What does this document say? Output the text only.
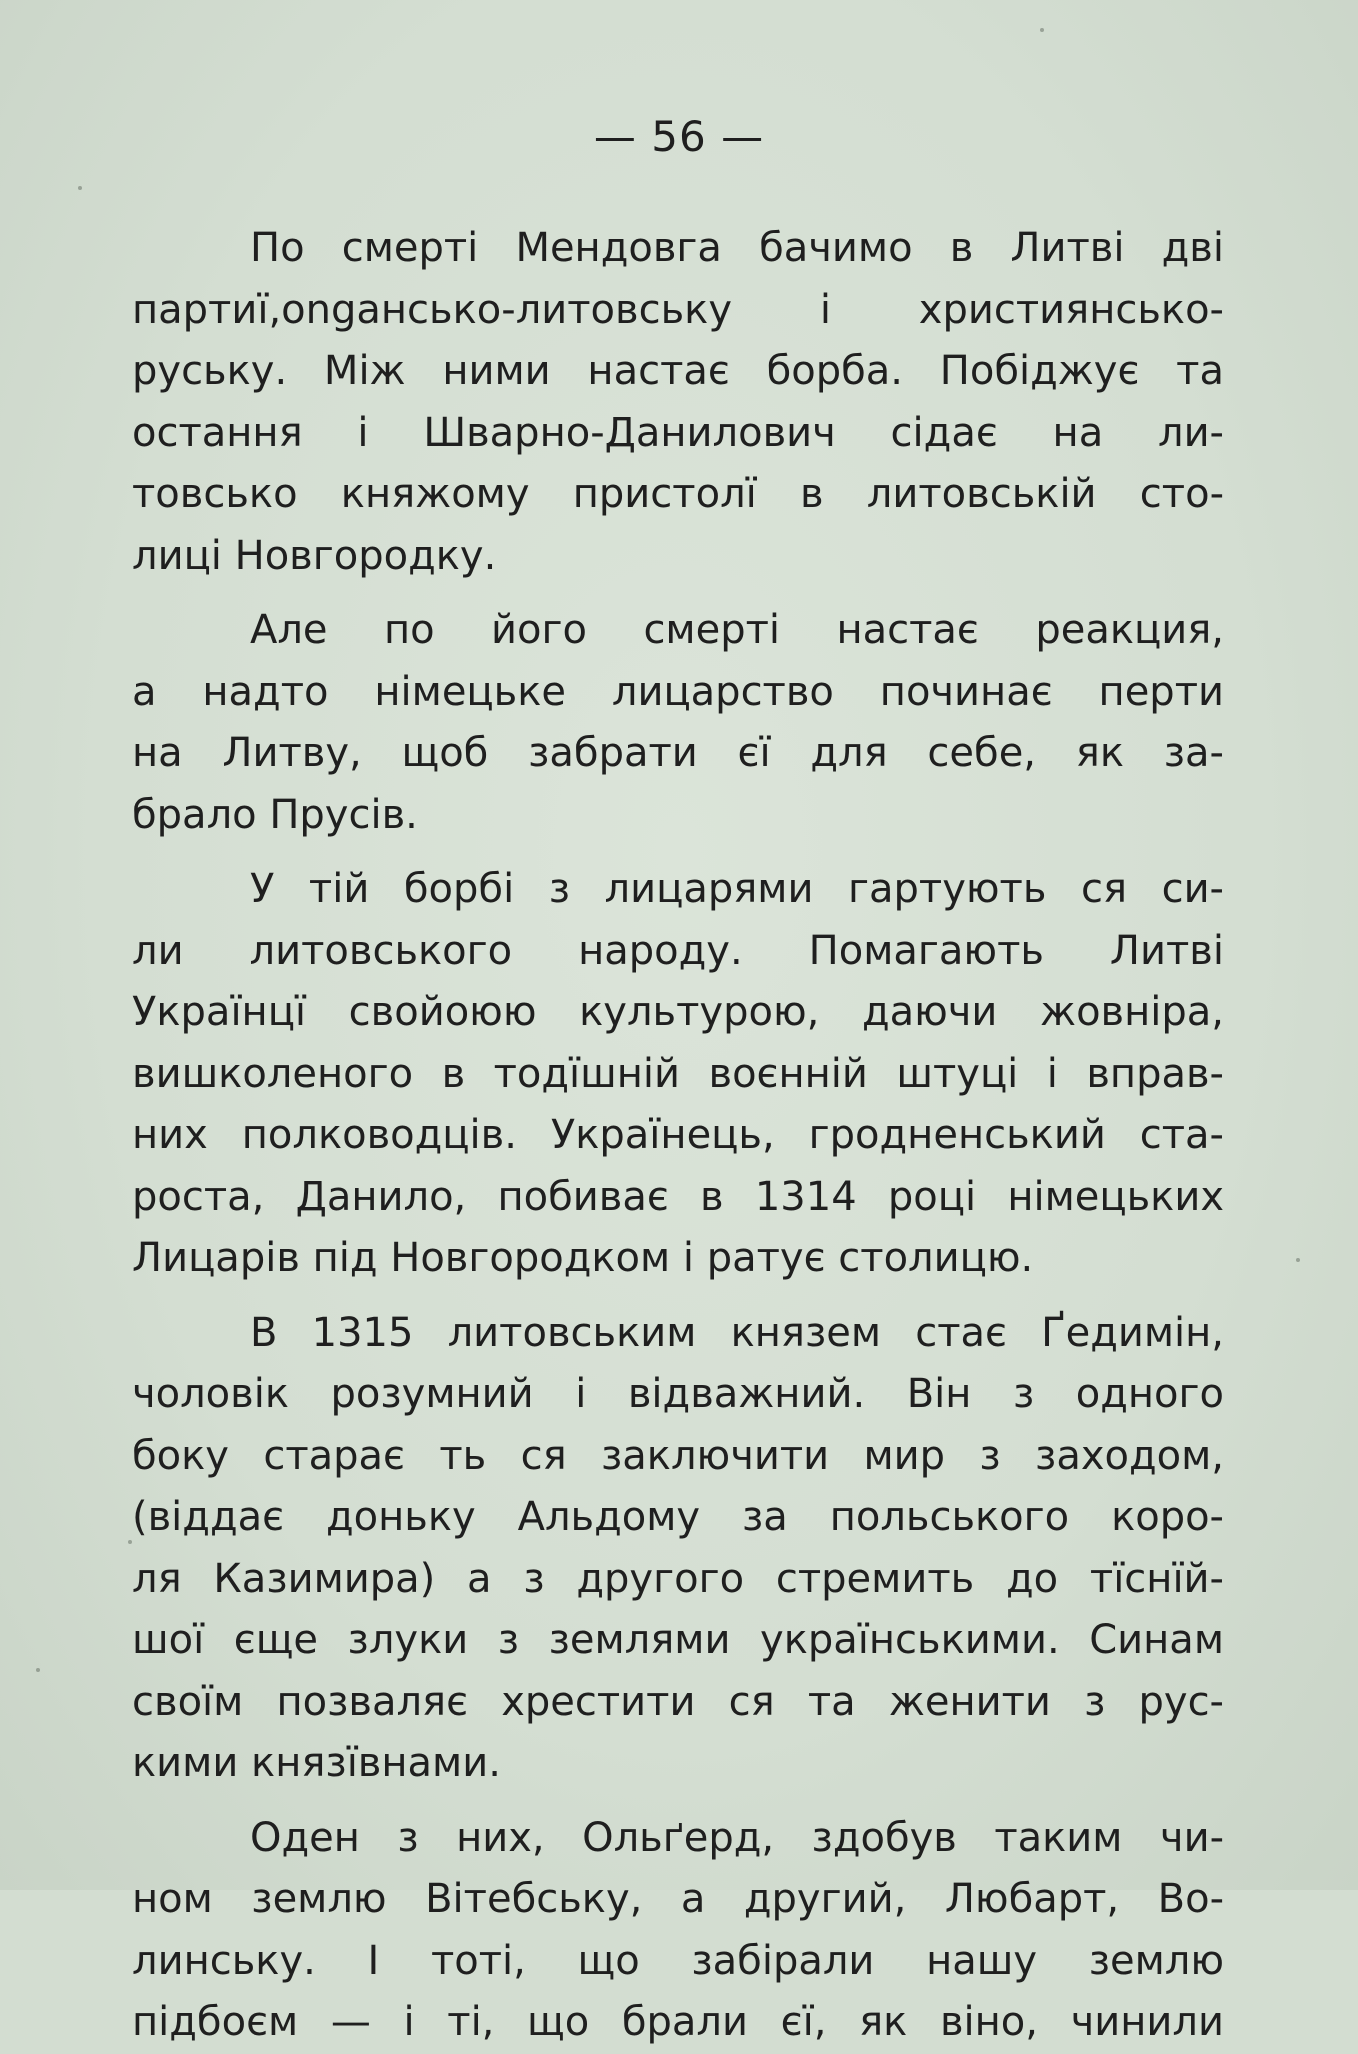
— 56 —
По смерті Мендовга бачимо в Литві дві
партиї,ongансько-литовську і християнсько-
руську. Між ними настає борба. Побіджує та
остання і Шварно-Данилович сідає на ли-
товсько княжому пристолї в литовській сто-
лиці Новгородку.
Але по його смерті настає реакция,
а надто німецьке лицарство починає перти
на Литву, щоб забрати єї для себе, як за-
брало Прусів.
У тій борбі з лицарями гартують ся си-
ли литовського народу. Помагають Литві
Українцї свойоюю культурою, даючи жовніра,
вишколеного в тодїшній воєнній штуці і вправ-
них полководців. Українець, гродненський ста-
роста, Данило, побиває в 1314 році німецьких
Лицарів під Новгородком і ратує столицю.
В 1315 литовським князем стає Ґедимін,
чоловік розумний і відважний. Він з одного
боку старає ть ся заключити мир з заходом,
(віддає доньку Альдому за польського коро-
ля Казимира) а з другого стремить до тїснїй-
шої єще злуки з землями українськими. Синам
своїм позваляє хрестити ся та женити з рус-
кими князївнами.
Оден з них, Ольґерд, здобув таким чи-
ном землю Вітебську, а другий, Любарт, Во-
линську. І тоті, що забірали нашу землю
підбоєм — і ті, що брали єї, як віно, чинили
